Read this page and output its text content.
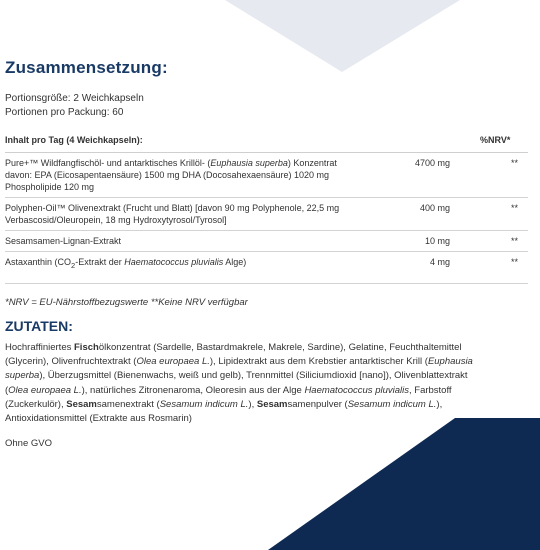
Zusammensetzung:
Portionsgröße: 2 Weichkapseln
Portionen pro Packung: 60
Inhalt pro Tag (4 Weichkapseln):		%NRV*
Pure+™ Wildfangfischöl- und antarktisches Krillöl- (Euphausia superba) Konzentrat
davon: EPA (Eicosapentaensäure) 1500 mg DHA (Docosahexaensäure) 1020 mg
Phospholipide 120 mg	4700 mg	**
Polyphen-Oil™ Olivenextrakt (Frucht und Blatt) [davon 90 mg Polyphenole, 22,5 mg
Verbascosid/Oleuropein, 18 mg Hydroxytyrosol/Tyrosol]	400 mg	**
Sesamsamen-Lignan-Extrakt	10 mg	**
Astaxanthin ($CO_2$-Extrakt der Haematococcus pluvialis Alge)	4 mg	**
*NRV = EU-Nährstoffbezugswerte **Keine NRV verfügbar
ZUTATEN:
Hochraffiniertes Fischölkonzentrat (Sardelle, Bastardmakrele, Makrele, Sardine), Gelatine, Feuchthaltemittel (Glycerin), Olivenfruchtextrakt (Olea europaea L.), Lipidextrakt aus dem Krebstier antarktischer Krill (Euphausia superba), Überzugsmittel (Bienenwachs, weiß und gelb), Trennmittel (Siliciumdioxid [nano]), Olivenblattextrakt (Olea europaea L.), natürliches Zitronenaroma, Oleoresin aus der Alge Haematococcus pluvialis, Farbstoff (Zuckerkulör), Sesamsamenextrakt (Sesamum indicum L.), Sesamsamenpulver (Sesamum indicum L.), Antioxidationsmittel (Extrakte aus Rosmarin)
Ohne GVO
